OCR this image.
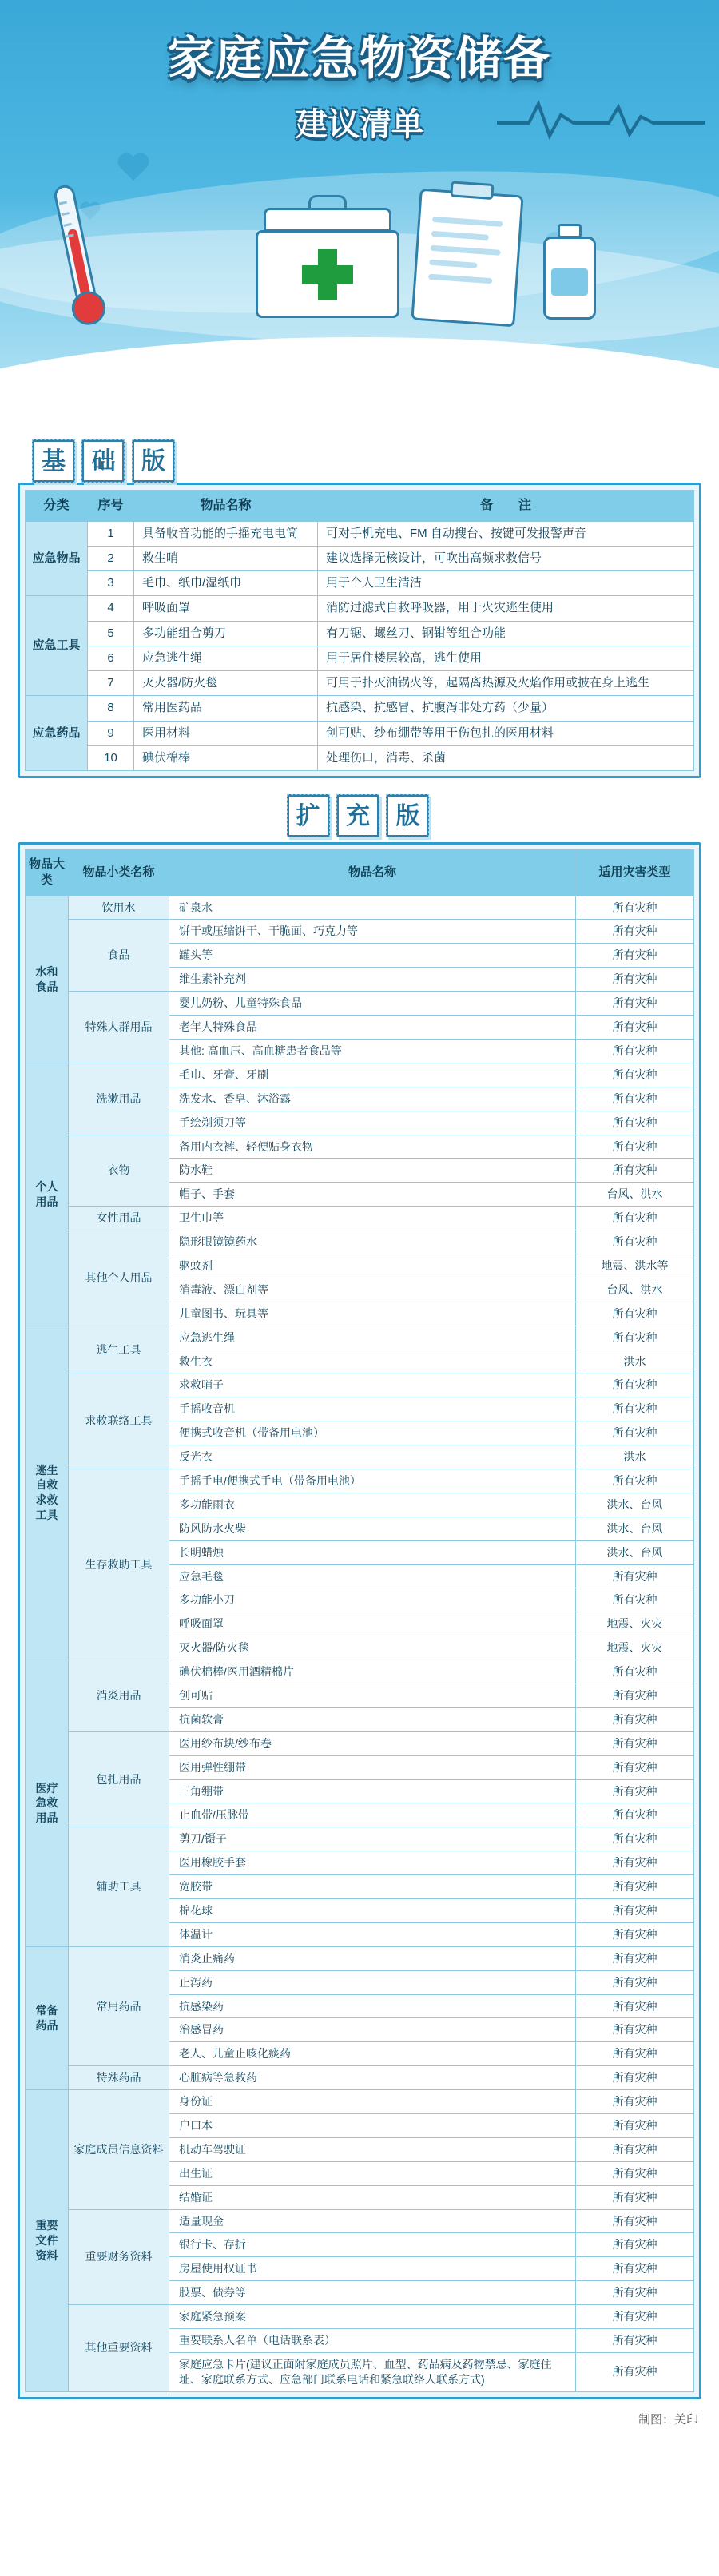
家庭应急物资储备
建议清单
基 础 版
分类	序号	物品名称	备　　注
应急物品	1	具备收音功能的手摇充电电筒	可对手机充电、FM 自动搜台、按键可发报警声音
	2	救生哨	建议选择无核设计，可吹出高频求救信号
	3	毛巾、纸巾/湿纸巾	用于个人卫生清洁
应急工具	4	呼吸面罩	消防过滤式自救呼吸器，用于火灾逃生使用
	5	多功能组合剪刀	有刀锯、螺丝刀、钢钳等组合功能
	6	应急逃生绳	用于居住楼层较高，逃生使用
	7	灭火器/防火毯	可用于扑灭油锅火等，起隔离热源及火焰作用或披在身上逃生
应急药品	8	常用医药品	抗感染、抗感冒、抗腹泻非处方药（少量）
	9	医用材料	创可贴、纱布绷带等用于伤包扎的医用材料
	10	碘伏棉棒	处理伤口，消毒、杀菌
扩 充 版
物品大类	物品小类名称	物品名称	适用灾害类型
水和食品	饮用水	矿泉水	所有灾种
	食品	饼干或压缩饼干、干脆面、巧克力等	所有灾种
		罐头等	所有灾种
		维生素补充剂	所有灾种
	特殊人群用品	婴儿奶粉、儿童特殊食品	所有灾种
		老年人特殊食品	所有灾种
		其他: 高血压、高血糖患者食品等	所有灾种
个人用品	洗漱用品	毛巾、牙膏、牙刷	所有灾种
		洗发水、香皂、沐浴露	所有灾种
		手绘剃须刀等	所有灾种
	衣物	备用内衣裤、轻便贴身衣物	所有灾种
		防水鞋	所有灾种
		帽子、手套	台风、洪水
	女性用品	卫生巾等	所有灾种
	其他个人用品	隐形眼镜镜药水	所有灾种
		驱蚊剂	地震、洪水等
		消毒液、漂白剂等	台风、洪水
		儿童图书、玩具等	所有灾种
逃生自救求救工具	逃生工具	应急逃生绳	所有灾种
		救生衣	洪水
	求救联络工具	求救哨子	所有灾种
		手摇收音机	所有灾种
		便携式收音机（带备用电池）	所有灾种
		反光衣	洪水
	生存救助工具	手摇手电/便携式手电（带备用电池）	所有灾种
		多功能雨衣	洪水、台风
		防风防水火柴	洪水、台风
		长明蜡烛	洪水、台风
		应急毛毯	所有灾种
		多功能小刀	所有灾种
		呼吸面罩	地震、火灾
		灭火器/防火毯	地震、火灾
医疗急救用品	消炎用品	碘伏棉棒/医用酒精棉片	所有灾种
		创可贴	所有灾种
		抗菌软膏	所有灾种
	包扎用品	医用纱布块/纱布卷	所有灾种
		医用弹性绷带	所有灾种
		三角绷带	所有灾种
		止血带/压脉带	所有灾种
	辅助工具	剪刀/镊子	所有灾种
		医用橡胶手套	所有灾种
		宽胶带	所有灾种
		棉花球	所有灾种
		体温计	所有灾种
常备药品	常用药品	消炎止痛药	所有灾种
		止泻药	所有灾种
		抗感染药	所有灾种
		治感冒药	所有灾种
		老人、儿童止咳化痰药	所有灾种
	特殊药品	心脏病等急救药	所有灾种
重要文件资料	家庭成员信息资料	身份证	所有灾种
		户口本	所有灾种
		机动车驾驶证	所有灾种
		出生证	所有灾种
		结婚证	所有灾种
	重要财务资料	适量现金	所有灾种
		银行卡、存折	所有灾种
		房屋使用权证书	所有灾种
		股票、债券等	所有灾种
	其他重要资料	家庭紧急预案	所有灾种
		重要联系人名单（电话联系表）	所有灾种
		家庭应急卡片(建议正面附家庭成员照片、血型、药品病及药物禁忌、家庭住址、家庭联系方式、应急部门联系电话和紧急联络人联系方式)	所有灾种
制图：关印
